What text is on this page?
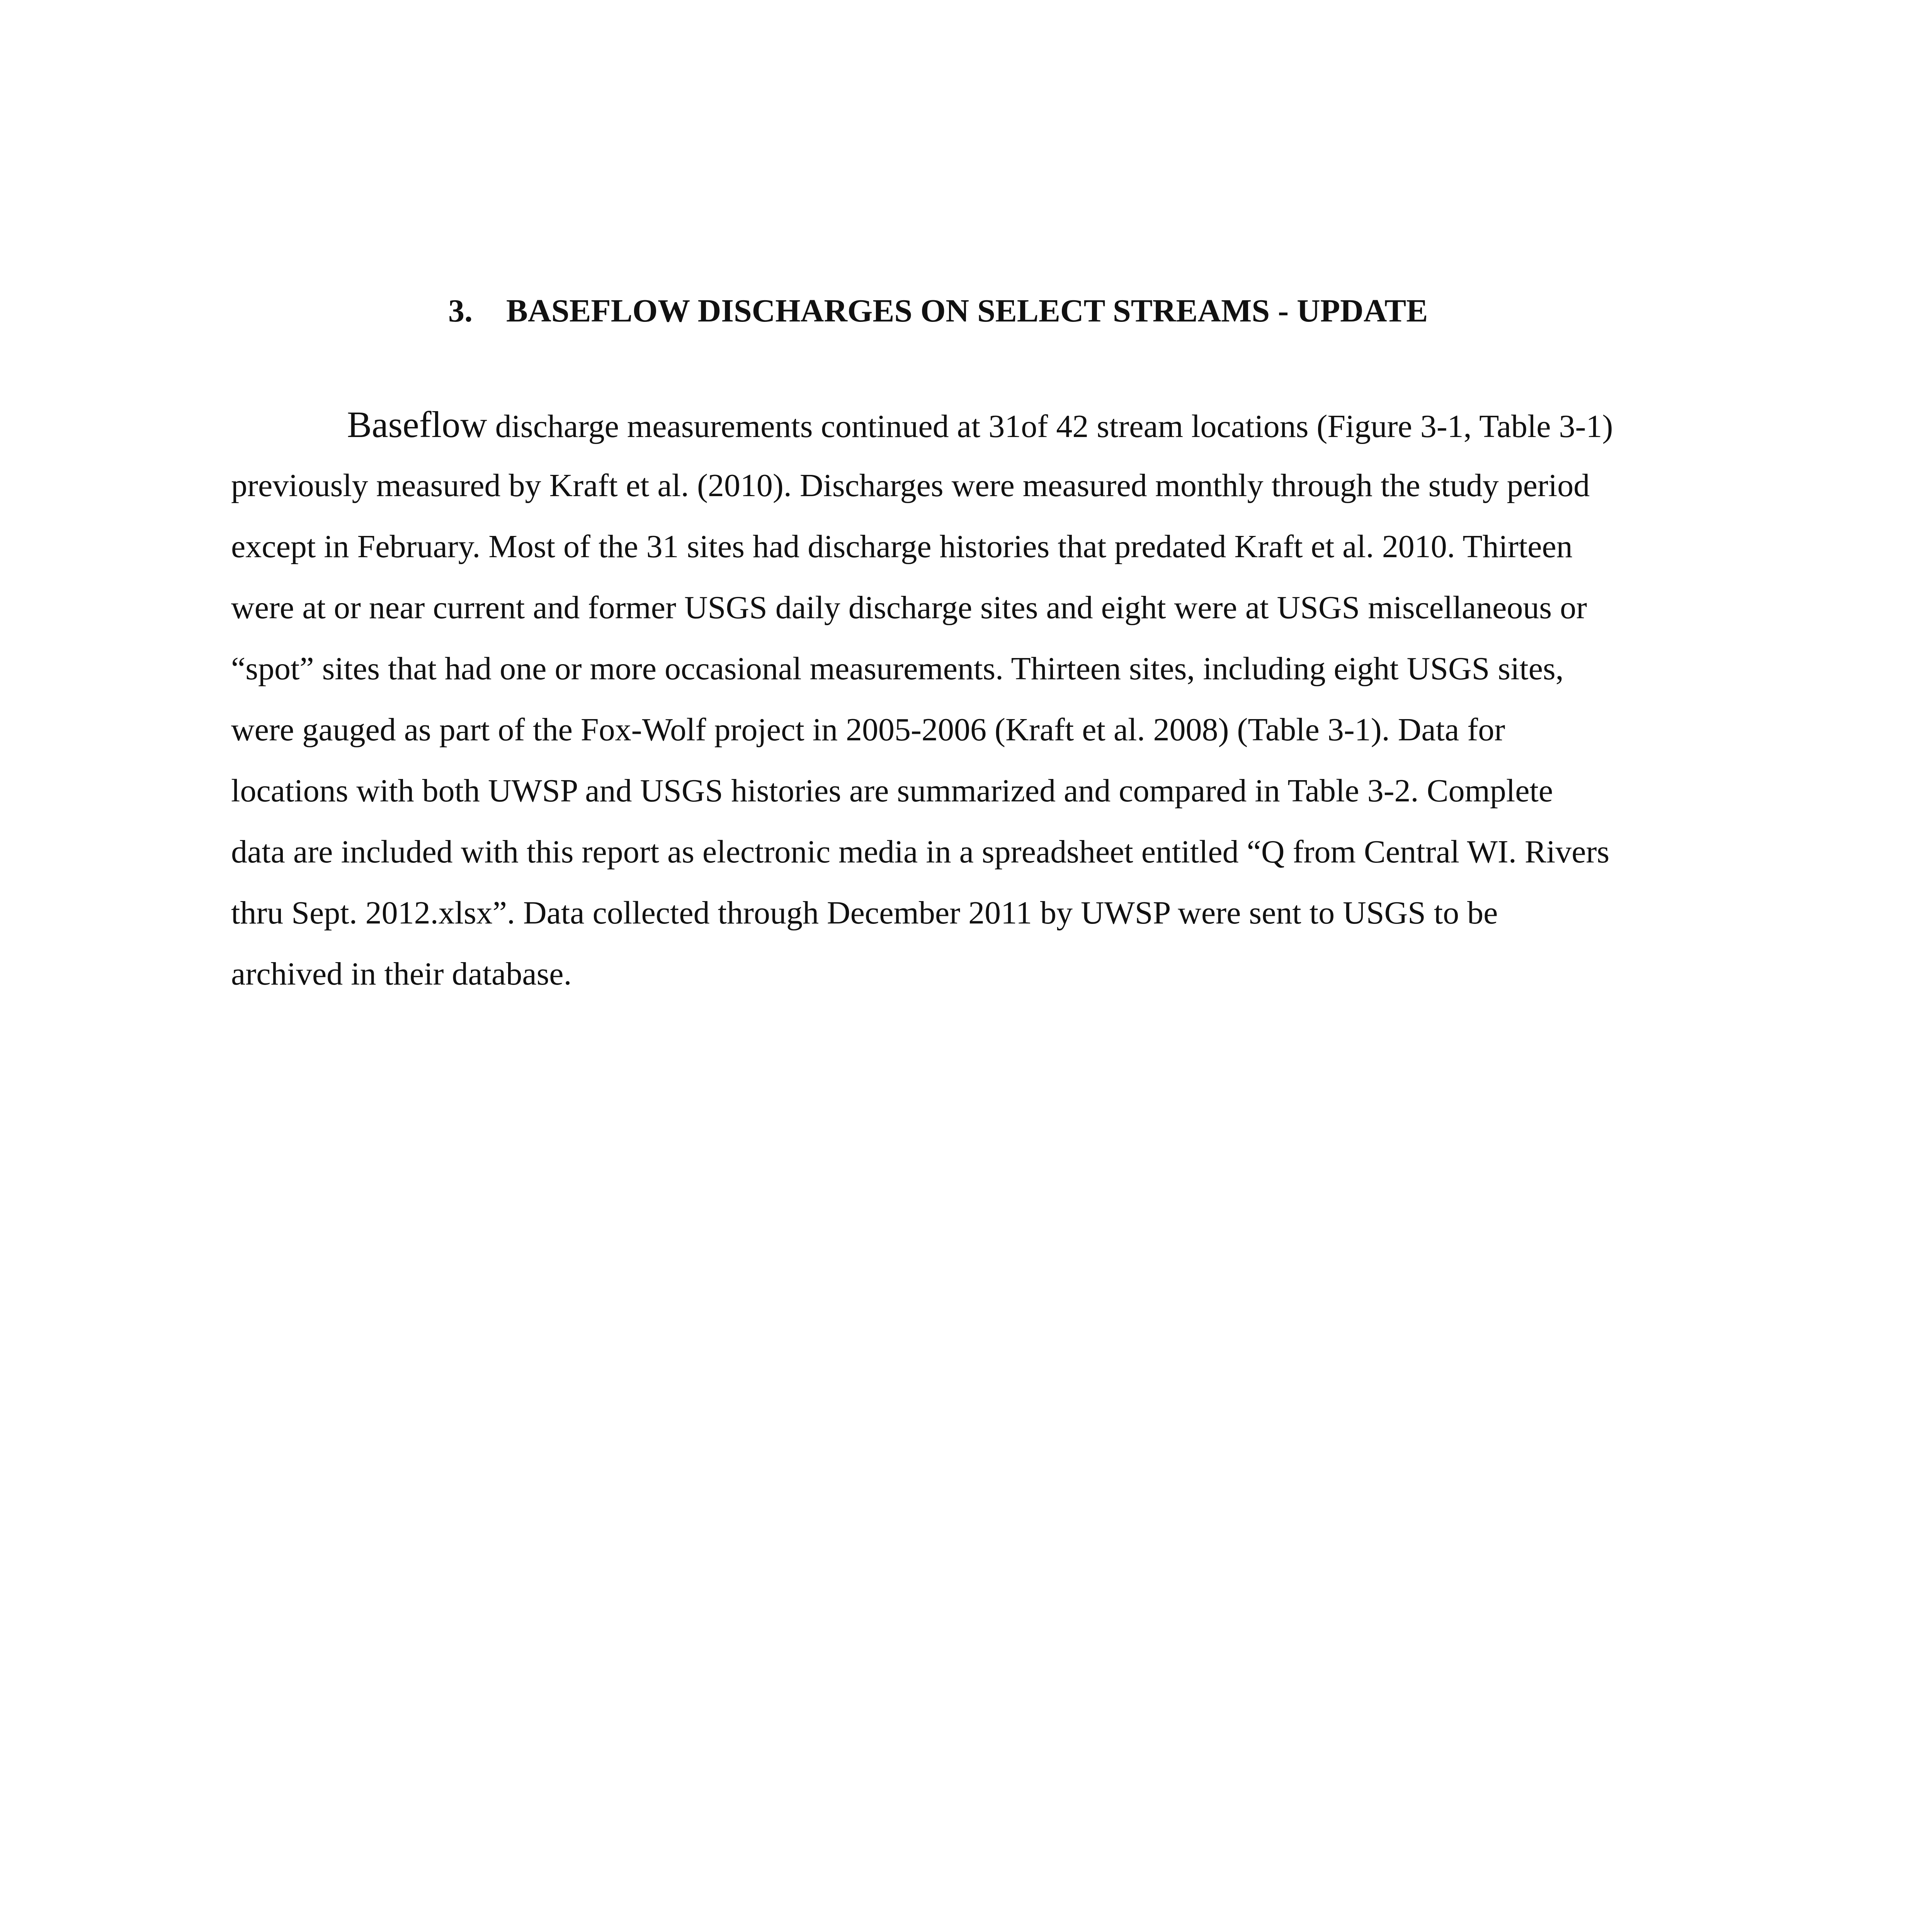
3. BASEFLOW DISCHARGES ON SELECT STREAMS - UPDATE
Baseflow discharge measurements continued at 31of 42 stream locations (Figure 3-1, Table 3-1)
previously measured by Kraft et al. (2010). Discharges were measured monthly through the study period
except in February. Most of the 31 sites had discharge histories that predated Kraft et al. 2010. Thirteen
were at or near current and former USGS daily discharge sites and eight were at USGS miscellaneous or
“spot” sites that had one or more occasional measurements. Thirteen sites, including eight USGS sites,
were gauged as part of the Fox-Wolf project in 2005-2006 (Kraft et al. 2008) (Table 3-1). Data for
locations with both UWSP and USGS histories are summarized and compared in Table 3-2. Complete
data are included with this report as electronic media in a spreadsheet entitled “Q from Central WI. Rivers
thru Sept. 2012.xlsx”. Data collected through December 2011 by UWSP were sent to USGS to be
archived in their database.
